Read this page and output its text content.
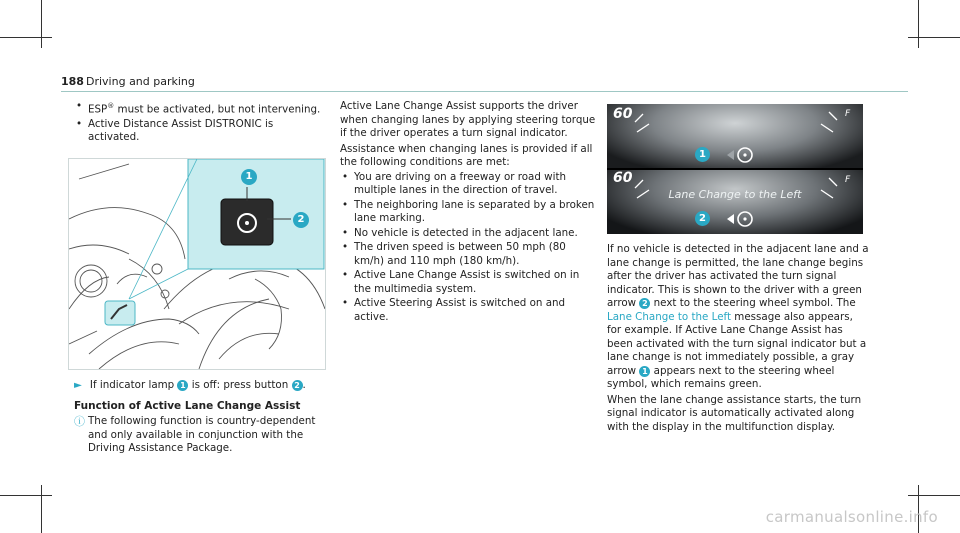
188 Driving and parking
• ESP® must be activated, but not intervening.
• Active Distance Assist DISTRONIC is activated.
1
2
► If indicator lamp 1 is off: press button 2 .
Function of Active Lane Change Assist
ⓘ The following function is country-dependent and only available in conjunction with the Driving Assistance Package.
Active Lane Change Assist supports the driver when changing lanes by applying steering torque if the driver operates a turn signal indicator.
Assistance when changing lanes is provided if all the following conditions are met:
• You are driving on a freeway or road with multiple lanes in the direction of travel.
• The neighboring lane is separated by a broken lane marking.
• No vehicle is detected in the adjacent lane.
• The driven speed is between 50 mph (80 km/h) and 110 mph (180 km/h).
• Active Lane Change Assist is switched on in the multimedia system.
• Active Steering Assist is switched on and active.
60
60
Lane Change to the Left
F
F
1
2
If no vehicle is detected in the adjacent lane and a lane change is permitted, the lane change begins after the driver has activated the turn signal indicator. This is shown to the driver with a green arrow 2 next to the steering wheel symbol. The Lane Change to the Left message also appears, for example. If Active Lane Change Assist has been activated with the turn signal indicator but a lane change is not immediately possible, a gray arrow 1 appears next to the steering wheel symbol, which remains green.
When the lane change assistance starts, the turn signal indicator is automatically activated along with the display in the multifunction display.
carmanualsonline.info
